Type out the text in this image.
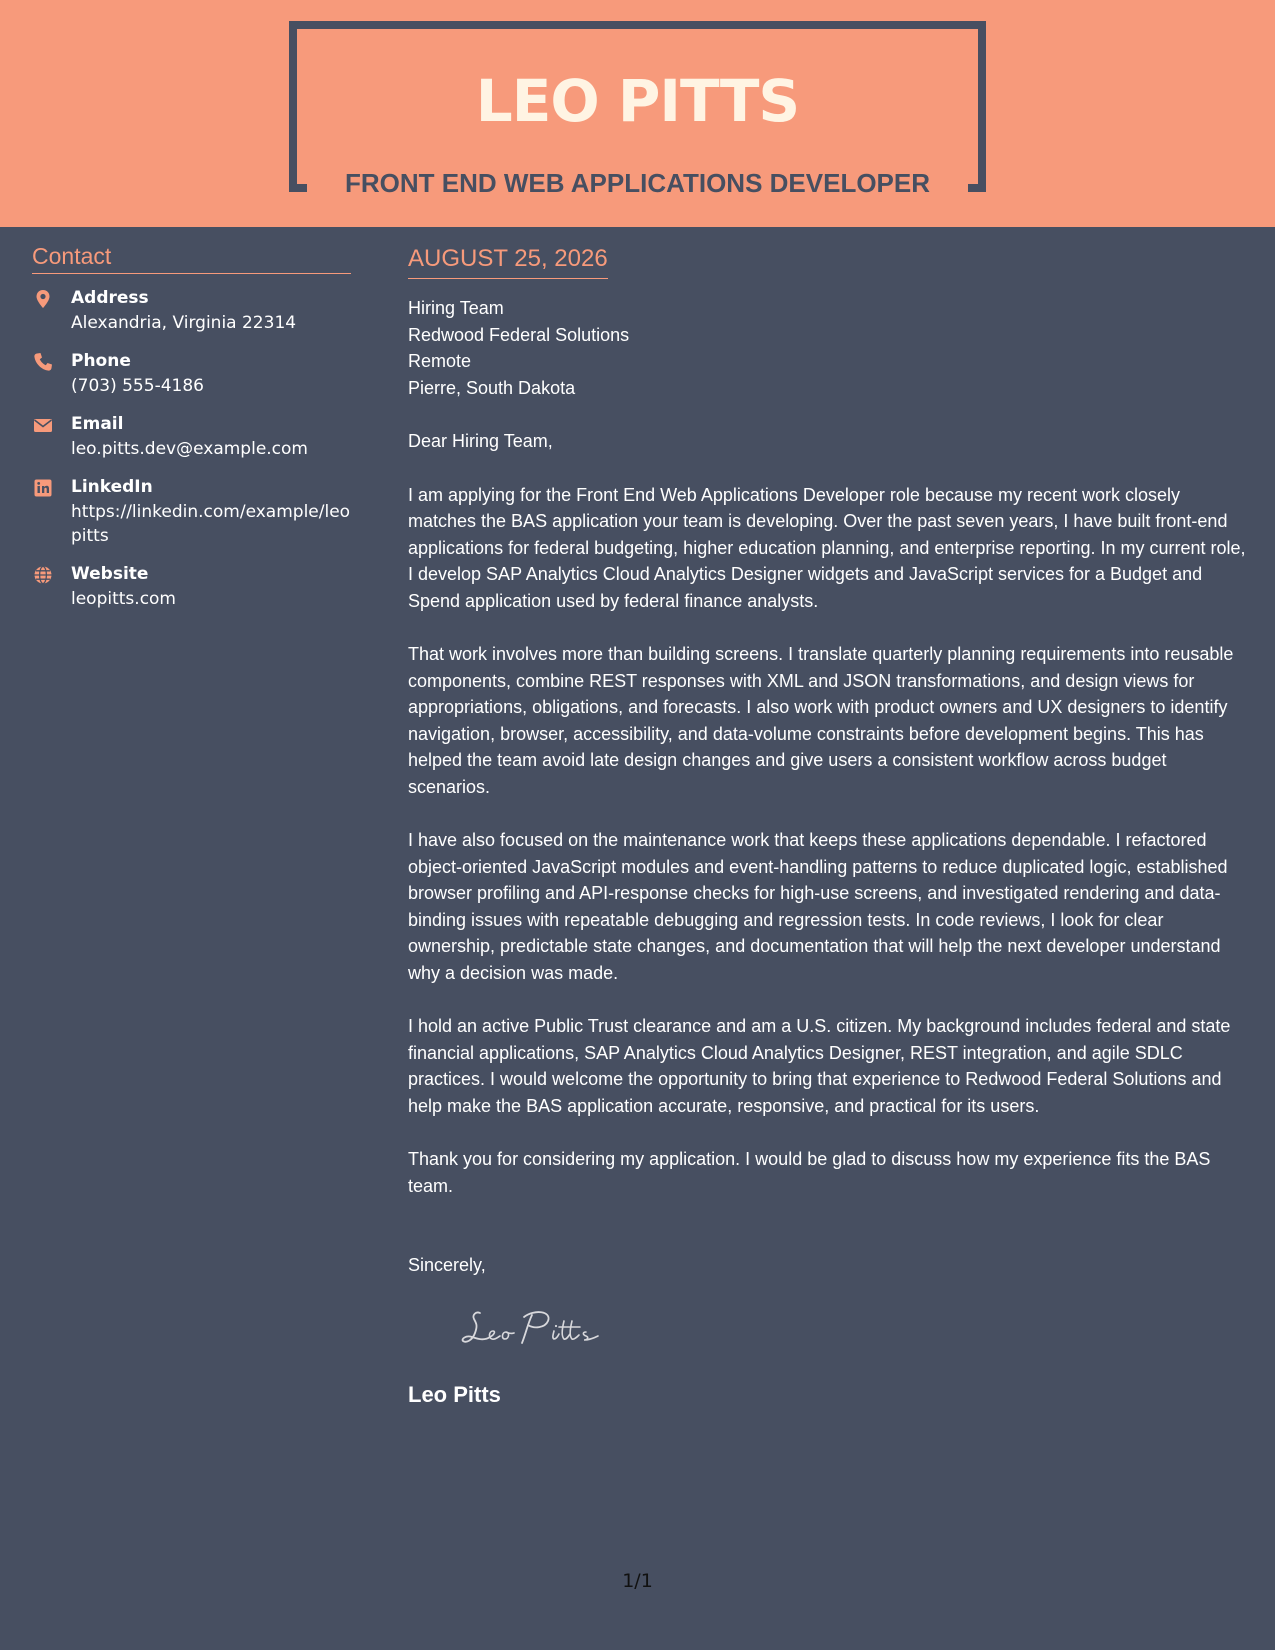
LEO PITTS
FRONT END WEB APPLICATIONS DEVELOPER
Contact
Address
Alexandria, Virginia 22314
Phone
(703) 555-4186
Email
leo.pitts.dev@example.com
LinkedIn
https://linkedin.com/example/leopitts
Website
leopitts.com
AUGUST 25, 2026
Hiring Team
Redwood Federal Solutions
Remote
Pierre, South Dakota
Dear Hiring Team,
I am applying for the Front End Web Applications Developer role because my recent work closely matches the BAS application your team is developing. Over the past seven years, I have built front-end applications for federal budgeting, higher education planning, and enterprise reporting. In my current role, I develop SAP Analytics Cloud Analytics Designer widgets and JavaScript services for a Budget and Spend application used by federal finance analysts.
That work involves more than building screens. I translate quarterly planning requirements into reusable components, combine REST responses with XML and JSON transformations, and design views for appropriations, obligations, and forecasts. I also work with product owners and UX designers to identify navigation, browser, accessibility, and data-volume constraints before development begins. This has helped the team avoid late design changes and give users a consistent workflow across budget scenarios.
I have also focused on the maintenance work that keeps these applications dependable. I refactored object-oriented JavaScript modules and event-handling patterns to reduce duplicated logic, established browser profiling and API-response checks for high-use screens, and investigated rendering and data-binding issues with repeatable debugging and regression tests. In code reviews, I look for clear ownership, predictable state changes, and documentation that will help the next developer understand why a decision was made.
I hold an active Public Trust clearance and am a U.S. citizen. My background includes federal and state financial applications, SAP Analytics Cloud Analytics Designer, REST integration, and agile SDLC practices. I would welcome the opportunity to bring that experience to Redwood Federal Solutions and help make the BAS application accurate, responsive, and practical for its users.
Thank you for considering my application. I would be glad to discuss how my experience fits the BAS team.
Sincerely,
Leo Pitts
1/1
